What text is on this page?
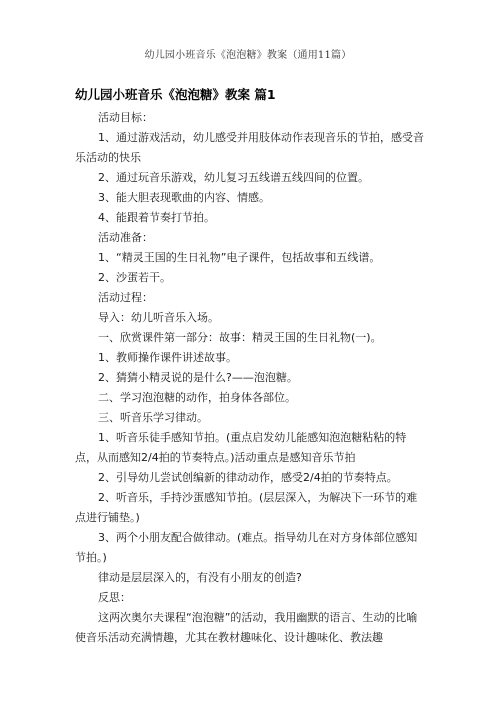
幼儿园小班音乐《泡泡糖》教案（通用11篇）
幼儿园小班音乐《泡泡糖》教案 篇1

活动目标：

1、通过游戏活动，幼儿感受并用肢体动作表现音乐的节拍，感受音乐活动的快乐

2、通过玩音乐游戏，幼儿复习五线谱五线四间的位置。

3、能大胆表现歌曲的内容、情感。

4、能跟着节奏打节拍。

活动准备：

1、“精灵王国的生日礼物”电子课件，包括故事和五线谱。

2、沙蛋若干。

活动过程：

导入：幼儿听音乐入场。

一、欣赏课件第一部分：故事：精灵王国的生日礼物(一)。

1、教师操作课件讲述故事。

2、猜猜小精灵说的是什么?——泡泡糖。

二、学习泡泡糖的动作，拍身体各部位。

三、听音乐学习律动。

1、听音乐徒手感知节拍。(重点启发幼儿能感知泡泡糖粘粘的特点，从而感知2/4拍的节奏特点。)活动重点是感知音乐节拍

2、引导幼儿尝试创编新的律动动作，感受2/4拍的节奏特点。

2、听音乐，手持沙蛋感知节拍。(层层深入，为解决下一环节的难点进行铺垫。)

3、两个小朋友配合做律动。(难点。指导幼儿在对方身体部位感知节拍。)

律动是层层深入的，有没有小朋友的创造?

反思：

这两次奥尔夫课程“泡泡糖”的活动，我用幽默的语言、生动的比喻使音乐活动充满情趣，尤其在教材趣味化、设计趣味化、教法趣
